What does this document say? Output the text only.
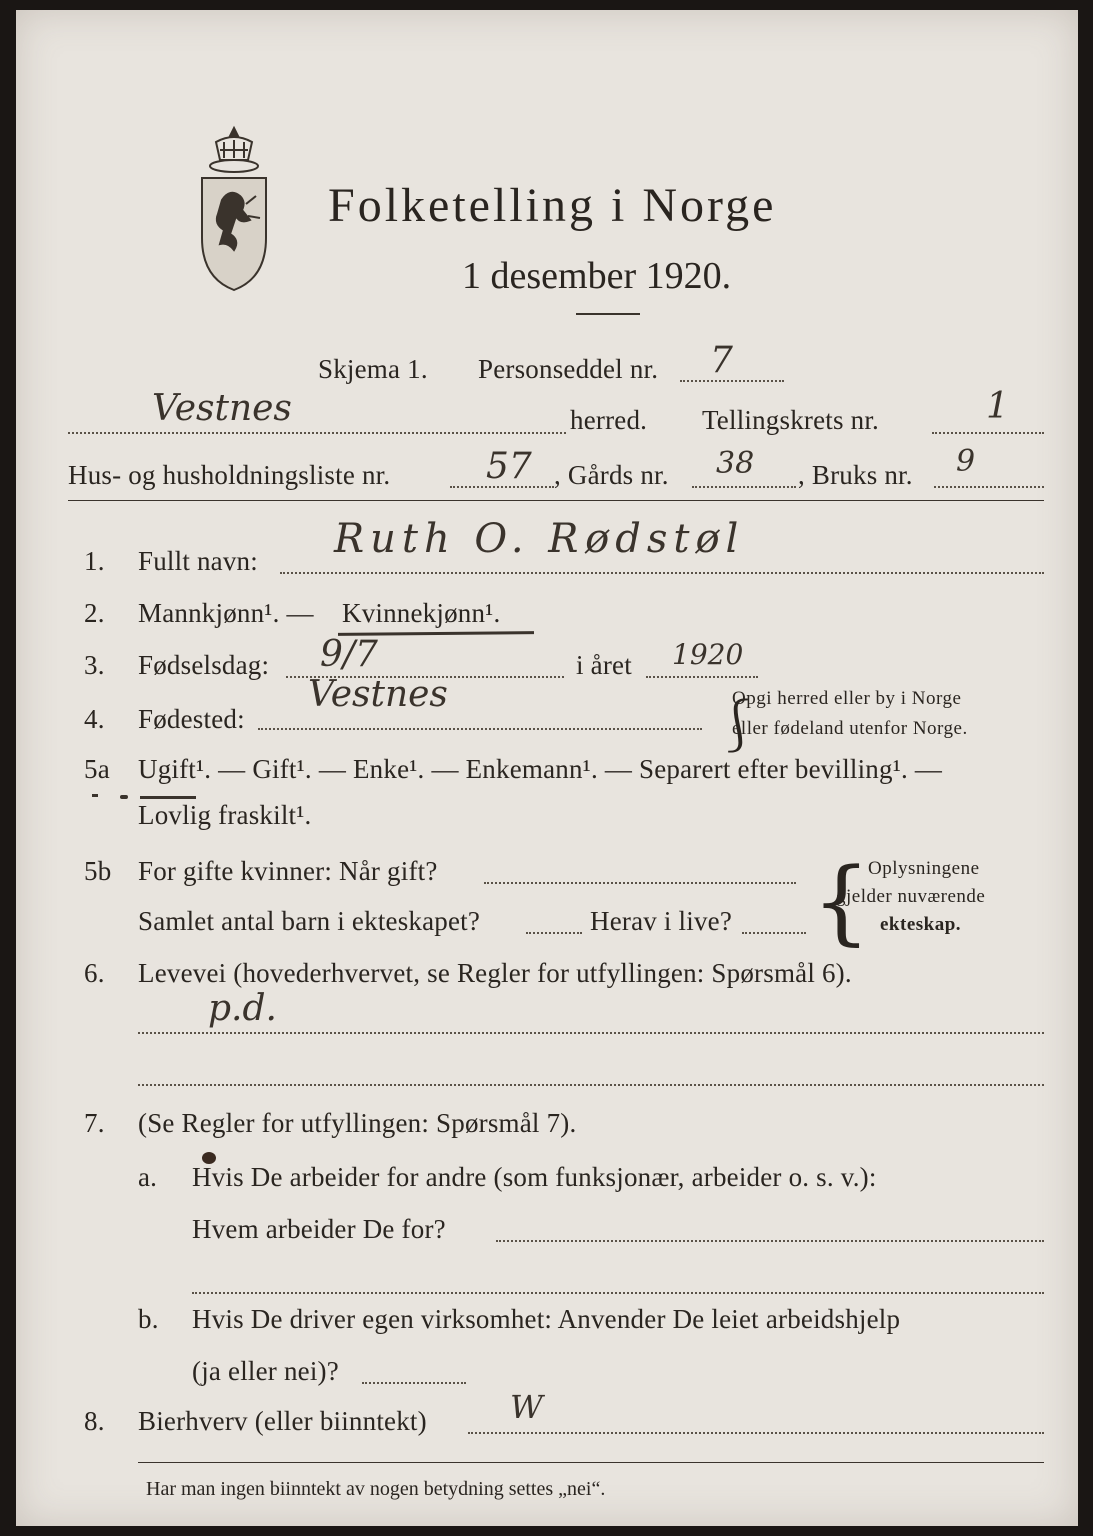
Folketelling i Norge
1 desember 1920.
Skjema 1. Personseddel nr. 7
Vestnes	herred. Tellingskrets nr.	1
Hus- og husholdningsliste nr.	57 , Gårds nr. 38 , Bruks nr. 9
1. Fullt navn: Ruth O. Rødstøl
2. Mannkjønn¹. — Kvinnekjønn¹.
3. Fødselsdag: 9/7	i året 1920
4. Fødested:
Vestnes
⎰
Opgi herred eller by i Norge
eller fødeland utenfor Norge.
5a Ugift¹. — Gift¹. — Enke¹. — Enkemann¹. — Separert efter bevilling¹. —
Lovlig fraskilt¹.
5b For gifte kvinner: Når gift?
Samlet antal barn i ekteskapet?	Herav i live? {
Oplysningene
gjelder nuværende
ekteskap.
6. Levevei (hovederhvervet, se Regler for utfyllingen: Spørsmål 6).
p.d.
7. (Se Regler for utfyllingen: Spørsmål 7).
a. Hvis De arbeider for andre (som funksjonær, arbeider o. s. v.):
Hvem arbeider De for?
b. Hvis De driver egen virksomhet: Anvender De leiet arbeidshjelp
(ja eller nei)?
8. Bierhverv (eller biinntekt)	W
Har man ingen biinntekt av nogen betydning settes „nei“.
